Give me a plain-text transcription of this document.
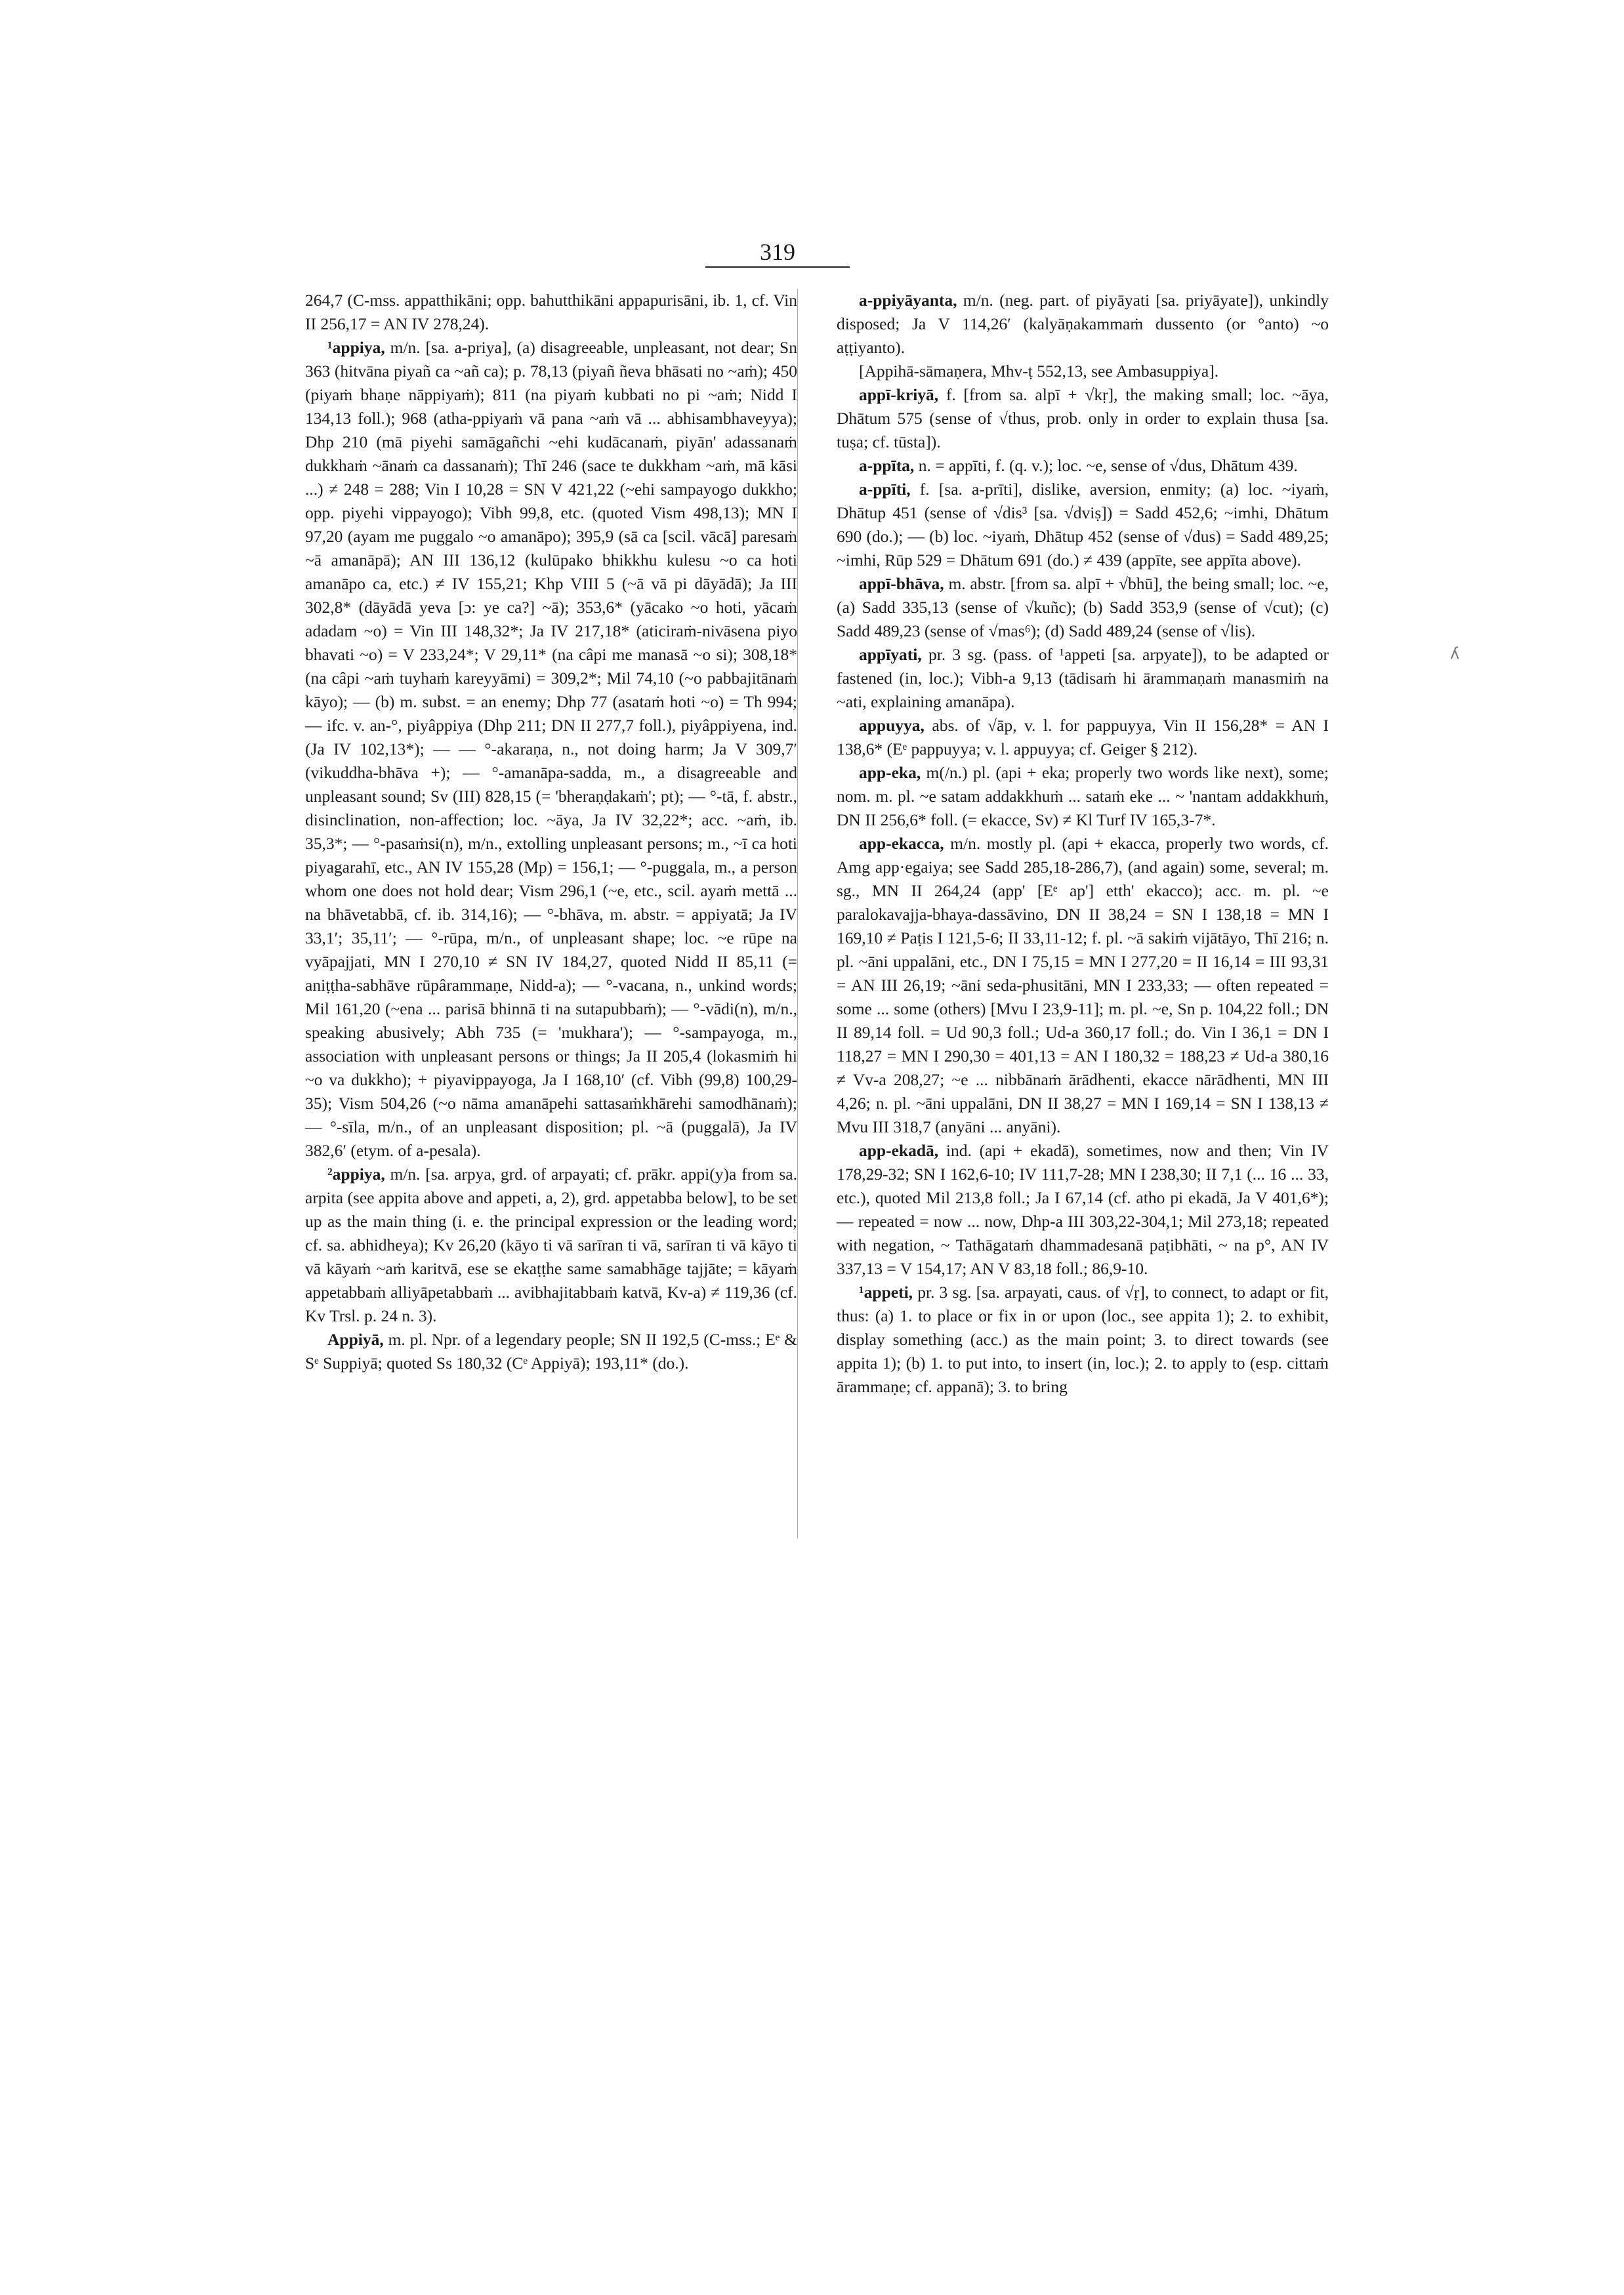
319

264,7 (C-mss. appatthikāni; opp. bahutthikāni appapurisāni, ib. 1, cf. Vin II 256,17 = AN IV 278,24).

¹appiya, m/n. [sa. a-priya], (a) disagreeable, unpleasant, not dear; Sn 363 (hitvāna piyañ ca ~añ ca); p. 78,13 (piyañ ñeva bhāsati no ~aṁ); 450 (piyaṁ bhaṇe nāppiyaṁ); 811 (na piyaṁ kubbati no pi ~aṁ; Nidd I 134,13 foll.); 968 (atha-ppiyaṁ vā pana ~aṁ vā ... abhisambhaveyya); Dhp 210 (mā piyehi samāgañchi ~ehi kudācanaṁ, piyān' adassanaṁ dukkhaṁ ~ānaṁ ca dassanaṁ); Thī 246 (sace te dukkham ~aṁ, mā kāsi ...) ≠ 248 = 288; Vin I 10,28 = SN V 421,22 (~ehi sampayogo dukkho; opp. piyehi vippayogo); Vibh 99,8, etc. (quoted Vism 498,13); MN I 97,20 (ayam me puggalo ~o amanāpo); 395,9 (sā ca [scil. vācā] paresaṁ ~ā amanāpā); AN III 136,12 (kulūpako bhikkhu kulesu ~o ca hoti amanāpo ca, etc.) ≠ IV 155,21; Khp VIII 5 (~ā vā pi dāyādā); Ja III 302,8* (dāyādā yeva [ɔ: ye ca?] ~ā); 353,6* (yācako ~o hoti, yācaṁ adadam ~o) = Vin III 148,32*; Ja IV 217,18* (aticiraṁ-nivāsena piyo bhavati ~o) = V 233,24*; V 29,11* (na câpi me manasā ~o si); 308,18* (na câpi ~aṁ tuyhaṁ kareyyāmi) = 309,2*; Mil 74,10 (~o pabbajitānaṁ kāyo); — (b) m. subst. = an enemy; Dhp 77 (asataṁ hoti ~o) = Th 994; — ifc. v. an-°, piyâppiya (Dhp 211; DN II 277,7 foll.), piyâppiyena, ind. (Ja IV 102,13*); — — °-akaraṇa, n., not doing harm; Ja V 309,7′ (vikuddha-bhāva +); — °-amanāpa-sadda, m., a disagreeable and unpleasant sound; Sv (III) 828,15 (= 'bheraṇḍakaṁ'; pt); — °-tā, f. abstr., disinclination, non-affection; loc. ~āya, Ja IV 32,22*; acc. ~aṁ, ib. 35,3*; — °-pasaṁsi(n), m/n., extolling unpleasant persons; m., ~ī ca hoti piyagarahī, etc., AN IV 155,28 (Mp) = 156,1; — °-puggala, m., a person whom one does not hold dear; Vism 296,1 (~e, etc., scil. ayaṁ mettā ... na bhāvetabbā, cf. ib. 314,16); — °-bhāva, m. abstr. = appiyatā; Ja IV 33,1′; 35,11′; — °-rūpa, m/n., of unpleasant shape; loc. ~e rūpe na vyāpajjati, MN I 270,10 ≠ SN IV 184,27, quoted Nidd II 85,11 (= aniṭṭha-sabhāve rūpârammaṇe, Nidd-a); — °-vacana, n., unkind words; Mil 161,20 (~ena ... parisā bhinnā ti na sutapubbaṁ); — °-vādi(n), m/n., speaking abusively; Abh 735 (= 'mukhara'); — °-sampayoga, m., association with unpleasant persons or things; Ja II 205,4 (lokasmiṁ hi ~o va dukkho); + piyavippayoga, Ja I 168,10′ (cf. Vibh (99,8) 100,29-35); Vism 504,26 (~o nāma amanāpehi sattasaṁkhārehi samodhānaṁ); — °-sīla, m/n., of an unpleasant disposition; pl. ~ā (puggalā), Ja IV 382,6′ (etym. of a-pesala).

²appiya, m/n. [sa. arpya, grd. of arpayati; cf. prākr. appi(y)a from sa. arpita (see appita above and appeti, a, 2), grd. appetabba below], to be set up as the main thing (i. e. the principal expression or the leading word; cf. sa. abhidheya); Kv 26,20 (kāyo ti vā sarīran ti vā, sarīran ti vā kāyo ti vā kāyaṁ ~aṁ karitvā, ese se ekaṭṭhe same samabhāge tajjāte; = kāyaṁ appetabbaṁ alliyāpetabbaṁ ... avibhajitabbaṁ katvā, Kv-a) ≠ 119,36 (cf. Kv Trsl. p. 24 n. 3).

Appiyā, m. pl. Npr. of a legendary people; SN II 192,5 (C-mss.; Eᵉ & Sᵉ Suppiyā; quoted Ss 180,32 (Cᵉ Appiyā); 193,11* (do.).

a-ppiyāyanta, m/n. (neg. part. of piyāyati [sa. priyāyate]), unkindly disposed; Ja V 114,26′ (kalyāṇakammaṁ dussento (or °anto) ~o aṭṭiyanto).

[Appihā-sāmaṇera, Mhv-ṭ 552,13, see Ambasuppiya].

appī-kriyā, f. [from sa. alpī + √kṛ], the making small; loc. ~āya, Dhātum 575 (sense of √thus, prob. only in order to explain thusa [sa. tuṣa; cf. tūsta]).

a-ppīta, n. = appīti, f. (q. v.); loc. ~e, sense of √dus, Dhātum 439.

a-ppīti, f. [sa. a-prīti], dislike, aversion, enmity; (a) loc. ~iyaṁ, Dhātup 451 (sense of √dis³ [sa. √dviṣ]) = Sadd 452,6; ~imhi, Dhātum 690 (do.); — (b) loc. ~iyaṁ, Dhātup 452 (sense of √dus) = Sadd 489,25; ~imhi, Rūp 529 = Dhātum 691 (do.) ≠ 439 (appīte, see appīta above).

appī-bhāva, m. abstr. [from sa. alpī + √bhū], the being small; loc. ~e, (a) Sadd 335,13 (sense of √kuñc); (b) Sadd 353,9 (sense of √cut); (c) Sadd 489,23 (sense of √mas⁶); (d) Sadd 489,24 (sense of √lis).

appīyati, pr. 3 sg. (pass. of ¹appeti [sa. arpyate]), to be adapted or fastened (in, loc.); Vibh-a 9,13 (tādisaṁ hi ārammaṇaṁ manasmiṁ na ~ati, explaining amanāpa).

appuyya, abs. of √āp, v. l. for pappuyya, Vin II 156,28* = AN I 138,6* (Eᵉ pappuyya; v. l. appuyya; cf. Geiger § 212).

app-eka, m(/n.) pl. (api + eka; properly two words like next), some; nom. m. pl. ~e satam addakkhuṁ ... sataṁ eke ... ~ 'nantam addakkhuṁ, DN II 256,6* foll. (= ekacce, Sv) ≠ Kl Turf IV 165,3-7*.

app-ekacca, m/n. mostly pl. (api + ekacca, properly two words, cf. Amg app·egaiya; see Sadd 285,18-286,7), (and again) some, several; m. sg., MN II 264,24 (app' [Eᵉ ap'] etth' ekacco); acc. m. pl. ~e paralokavajja-bhaya-dassāvino, DN II 38,24 = SN I 138,18 = MN I 169,10 ≠ Paṭis I 121,5-6; II 33,11-12; f. pl. ~ā sakiṁ vijātāyo, Thī 216; n. pl. ~āni uppalāni, etc., DN I 75,15 = MN I 277,20 = II 16,14 = III 93,31 = AN III 26,19; ~āni seda-phusitāni, MN I 233,33; — often repeated = some ... some (others) [Mvu I 23,9-11]; m. pl. ~e, Sn p. 104,22 foll.; DN II 89,14 foll. = Ud 90,3 foll.; Ud-a 360,17 foll.; do. Vin I 36,1 = DN I 118,27 = MN I 290,30 = 401,13 = AN I 180,32 = 188,23 ≠ Ud-a 380,16 ≠ Vv-a 208,27; ~e ... nibbānaṁ ārādhenti, ekacce nārādhenti, MN III 4,26; n. pl. ~āni uppalāni, DN II 38,27 = MN I 169,14 = SN I 138,13 ≠ Mvu III 318,7 (anyāni ... anyāni).

app-ekadā, ind. (api + ekadā), sometimes, now and then; Vin IV 178,29-32; SN I 162,6-10; IV 111,7-28; MN I 238,30; II 7,1 (... 16 ... 33, etc.), quoted Mil 213,8 foll.; Ja I 67,14 (cf. atho pi ekadā, Ja V 401,6*); — repeated = now ... now, Dhp-a III 303,22-304,1; Mil 273,18; repeated with negation, ~ Tathāgataṁ dhammadesanā paṭibhāti, ~ na p°, AN IV 337,13 = V 154,17; AN V 83,18 foll.; 86,9-10.

¹appeti, pr. 3 sg. [sa. arpayati, caus. of √ṛ], to connect, to adapt or fit, thus: (a) 1. to place or fix in or upon (loc., see appita 1); 2. to exhibit, display something (acc.) as the main point; 3. to direct towards (see appita 1); (b) 1. to put into, to insert (in, loc.); 2. to apply to (esp. cittaṁ ārammaṇe; cf. appanā); 3. to bring

ʎ
